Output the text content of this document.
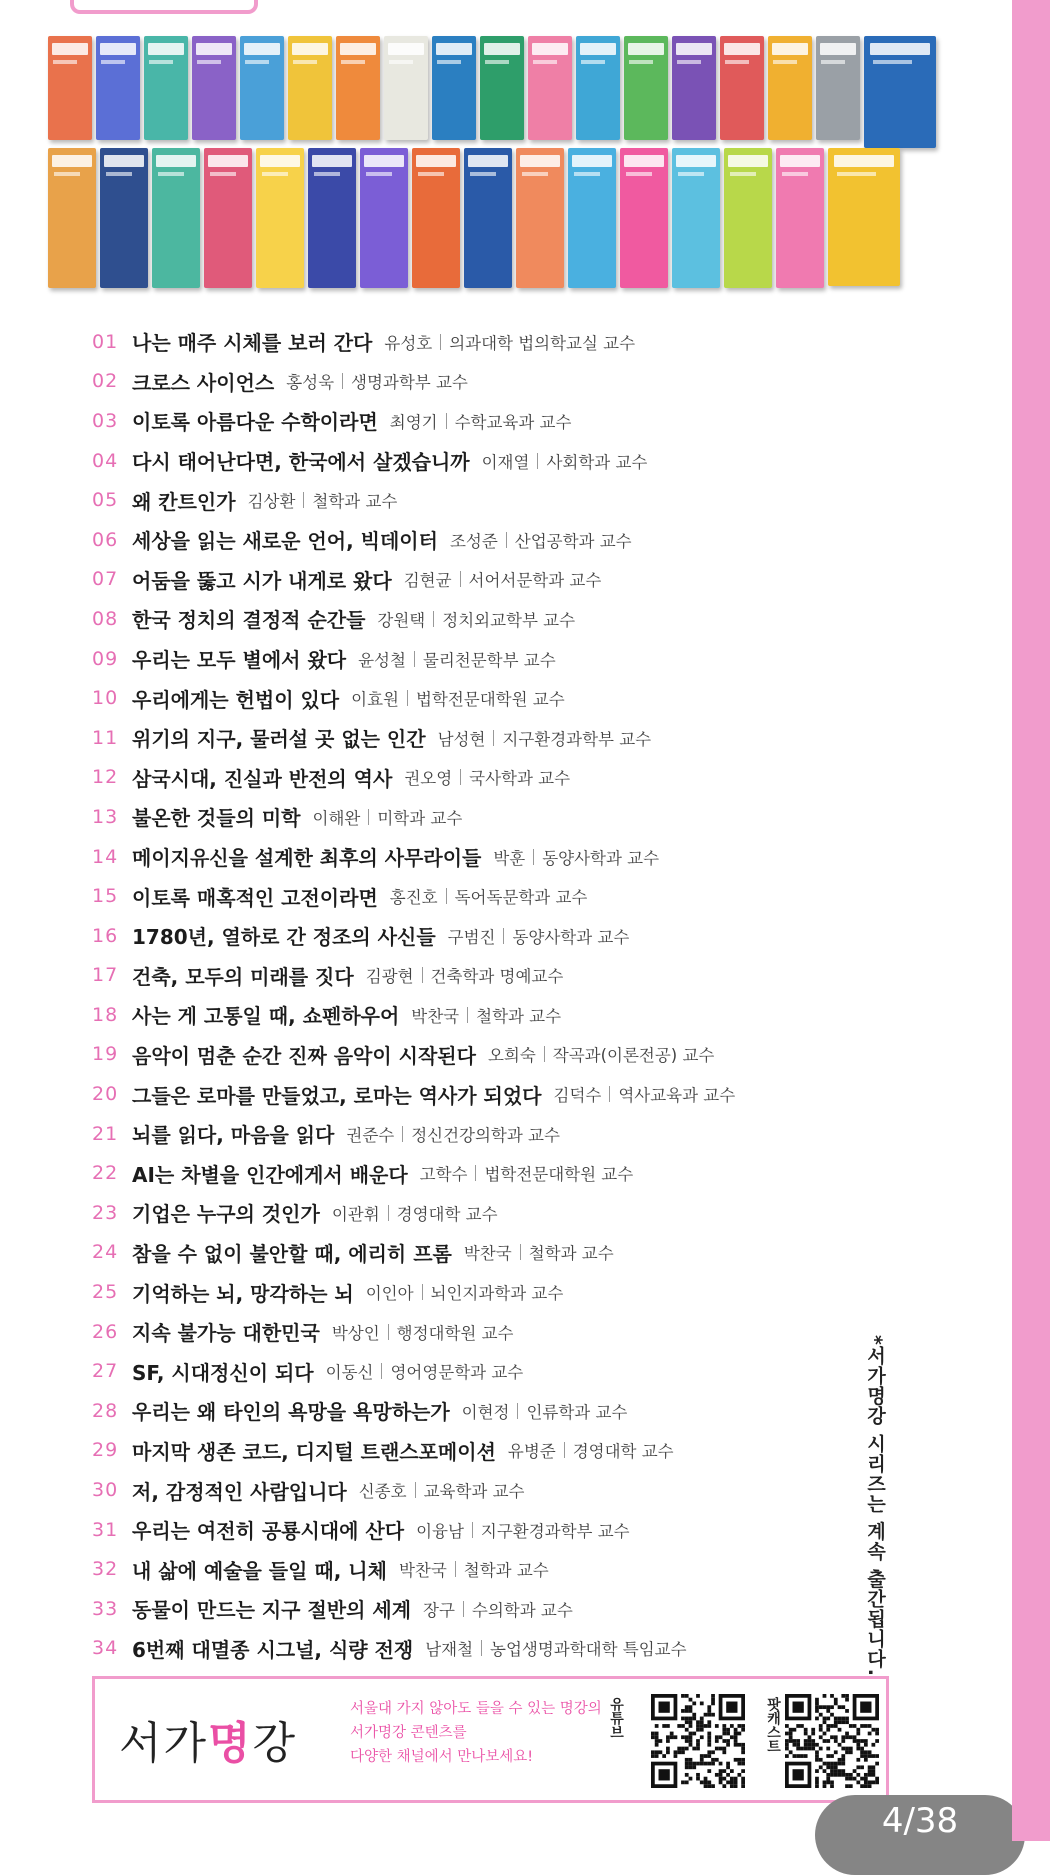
01 나는 매주 시체를 보러 간다 유성호 의과대학 법의학교실 교수
02 크로스 사이언스 홍성욱 생명과학부 교수
03 이토록 아름다운 수학이라면 최영기 수학교육과 교수
04 다시 태어난다면, 한국에서 살겠습니까 이재열 사회학과 교수
05 왜 칸트인가 김상환 철학과 교수
06 세상을 읽는 새로운 언어, 빅데이터 조성준 산업공학과 교수
07 어둠을 뚫고 시가 내게로 왔다 김현균 서어서문학과 교수
08 한국 정치의 결정적 순간들 강원택 정치외교학부 교수
09 우리는 모두 별에서 왔다 윤성철 물리천문학부 교수
10 우리에게는 헌법이 있다 이효원 법학전문대학원 교수
11 위기의 지구, 물러설 곳 없는 인간 남성현 지구환경과학부 교수
12 삼국시대, 진실과 반전의 역사 권오영 국사학과 교수
13 불온한 것들의 미학 이해완 미학과 교수
14 메이지유신을 설계한 최후의 사무라이들 박훈 동양사학과 교수
15 이토록 매혹적인 고전이라면 홍진호 독어독문학과 교수
16 1780년, 열하로 간 정조의 사신들 구범진 동양사학과 교수
17 건축, 모두의 미래를 짓다 김광현 건축학과 명예교수
18 사는 게 고통일 때, 쇼펜하우어 박찬국 철학과 교수
19 음악이 멈춘 순간 진짜 음악이 시작된다 오희숙 작곡과(이론전공) 교수
20 그들은 로마를 만들었고, 로마는 역사가 되었다 김덕수 역사교육과 교수
21 뇌를 읽다, 마음을 읽다 권준수 정신건강의학과 교수
22 AI는 차별을 인간에게서 배운다 고학수 법학전문대학원 교수
23 기업은 누구의 것인가 이관휘 경영대학 교수
24 참을 수 없이 불안할 때, 에리히 프롬 박찬국 철학과 교수
25 기억하는 뇌, 망각하는 뇌 이인아 뇌인지과학과 교수
26 지속 불가능 대한민국 박상인 행정대학원 교수
27 SF, 시대정신이 되다 이동신 영어영문학과 교수
28 우리는 왜 타인의 욕망을 욕망하는가 이현정 인류학과 교수
29 마지막 생존 코드, 디지털 트랜스포메이션 유병준 경영대학 교수
30 저, 감정적인 사람입니다 신종호 교육학과 교수
31 우리는 여전히 공룡시대에 산다 이융남 지구환경과학부 교수
32 내 삶에 예술을 들일 때, 니체 박찬국 철학과 교수
33 동물이 만드는 지구 절반의 세계 장구 수의학과 교수
34 6번째 대멸종 시그널, 식량 전쟁 남재철 농업생명과학대학 특임교수	*서가명강 시리즈는 계속 출간됩니다.
서가명강
서울대 가지 않아도 들을 수 있는 명강의
서가명강 콘텐츠를
다양한 채널에서 만나보세요!
유튜브	팟캐스트
4/38
